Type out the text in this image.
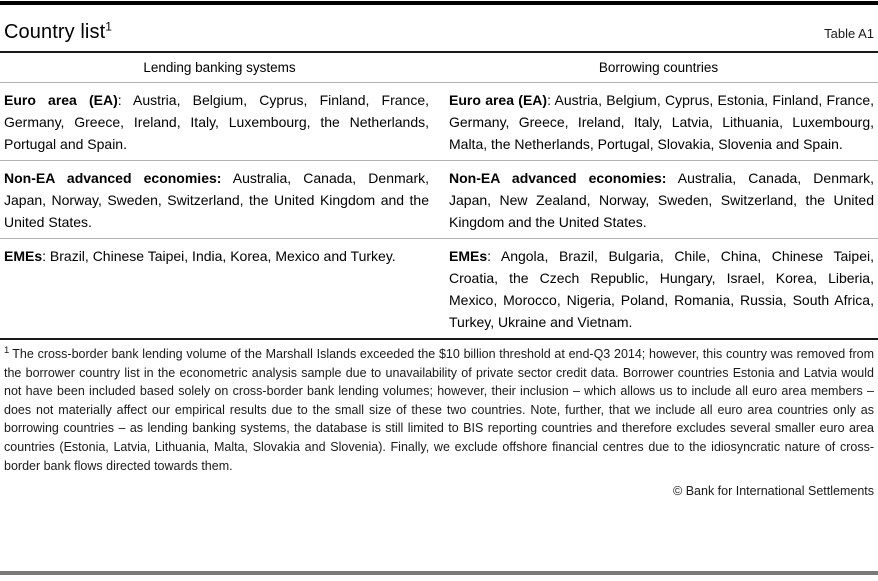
Country list$^1$	Table A1
Lending banking systems	Borrowing countries
Euro area (EA): Austria, Belgium, Cyprus, Finland, France, Germany, Greece, Ireland, Italy, Luxembourg, the Netherlands, Portugal and Spain.	Euro area (EA): Austria, Belgium, Cyprus, Estonia, Finland, France, Germany, Greece, Ireland, Italy, Latvia, Lithuania, Luxembourg, Malta, the Netherlands, Portugal, Slovakia, Slovenia and Spain.
Non-EA advanced economies: Australia, Canada, Denmark, Japan, Norway, Sweden, Switzerland, the United Kingdom and the United States.	Non-EA advanced economies: Australia, Canada, Denmark, Japan, New Zealand, Norway, Sweden, Switzerland, the United Kingdom and the United States.
EMEs: Brazil, Chinese Taipei, India, Korea, Mexico and Turkey.	EMEs: Angola, Brazil, Bulgaria, Chile, China, Chinese Taipei, Croatia, the Czech Republic, Hungary, Israel, Korea, Liberia, Mexico, Morocco, Nigeria, Poland, Romania, Russia, South Africa, Turkey, Ukraine and Vietnam.
$^1$ The cross-border bank lending volume of the Marshall Islands exceeded the $10 billion threshold at end-Q3 2014; however, this country was removed from the borrower country list in the econometric analysis sample due to unavailability of private sector credit data. Borrower countries Estonia and Latvia would not have been included based solely on cross-border bank lending volumes; however, their inclusion – which allows us to include all euro area members – does not materially affect our empirical results due to the small size of these two countries. Note, further, that we include all euro area countries only as borrowing countries – as lending banking systems, the database is still limited to BIS reporting countries and therefore excludes several smaller euro area countries (Estonia, Latvia, Lithuania, Malta, Slovakia and Slovenia). Finally, we exclude offshore financial centres due to the idiosyncratic nature of cross-border bank flows directed towards them.
© Bank for International Settlements
